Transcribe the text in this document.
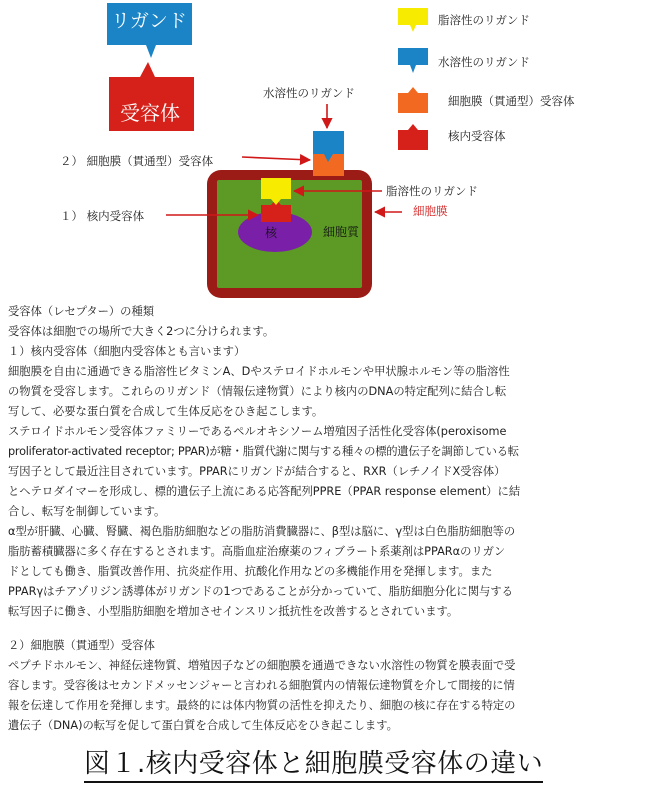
リガンド
受容体
脂溶性のリガンド
水溶性のリガンド
細胞膜（貫通型）受容体
核内受容体
核	細胞質
水溶性のリガンド
２） 細胞膜（貫通型）受容体
１） 核内受容体
脂溶性のリガンド
細胞膜

受容体（レセプター）の種類

受容体は細胞での場所で大きく2つに分けられます。

１）核内受容体（細胞内受容体とも言います）

細胞膜を自由に通過できる脂溶性ビタミンA、Dやステロイドホルモンや甲状腺ホルモン等の脂溶性

の物質を受容します。これらのリガンド（情報伝達物質）により核内のDNAの特定配列に結合し転

写して、必要な蛋白質を合成して生体反応をひき起こします。

ステロイドホルモン受容体ファミリーであるペルオキシソーム増殖因子活性化受容体(peroxisome

proliferator-activated receptor; PPAR)が糖・脂質代謝に関与する種々の標的遺伝子を調節している転

写因子として最近注目されています。PPARにリガンドが結合すると、RXR（レチノイドX受容体）

とヘテロダイマーを形成し、標的遺伝子上流にある応答配列PPRE（PPAR response element）に結

合し、転写を制御しています。

α型が肝臓、心臓、腎臓、褐色脂肪細胞などの脂肪消費臓器に、β型は脳に、γ型は白色脂肪細胞等の

脂肪蓄積臓器に多く存在するとされます。高脂血症治療薬のフィブラート系薬剤はPPARαのリガン

ドとしても働き、脂質改善作用、抗炎症作用、抗酸化作用などの多機能作用を発揮します。また

PPARγはチアゾリジン誘導体がリガンドの1つであることが分かっていて、脂肪細胞分化に関与する

転写因子に働き、小型脂肪細胞を増加させインスリン抵抗性を改善するとされています。

２）細胞膜（貫通型）受容体

ペプチドホルモン、神経伝達物質、増殖因子などの細胞膜を通過できない水溶性の物質を膜表面で受

容します。受容後はセカンドメッセンジャーと言われる細胞質内の情報伝達物質を介して間接的に情

報を伝達して作用を発揮します。最終的には体内物質の活性を抑えたり、細胞の核に存在する特定の

遺伝子（DNA)の転写を促して蛋白質を合成して生体反応をひき起こします。

図１.核内受容体と細胞膜受容体の違い
